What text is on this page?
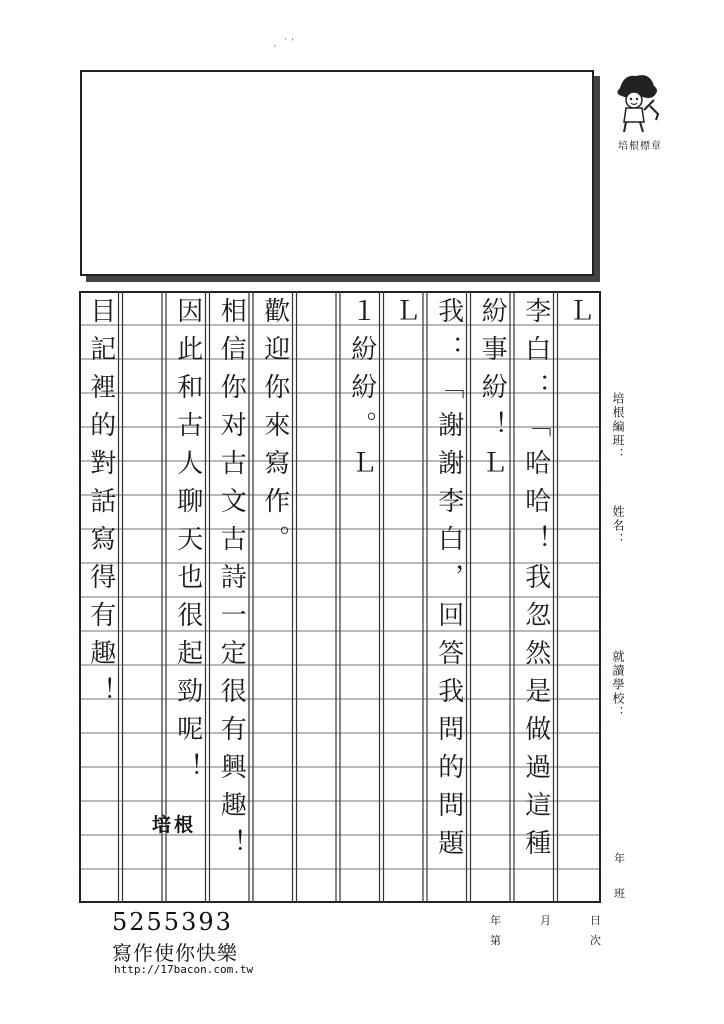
﹐ ˙ ˈ
培根標章
培根編班：
姓名：
就讀學校：
年
班
Ｌ
李白：「哈哈！我忽然是做過這種
紛事紛！Ｌ
我：「謝謝李白，回答我問的問題
Ｌ
１紛紛。Ｌ
歡迎你來寫作。
相信你对古文古詩一定很有興趣！
因此和古人聊天也很起勁呢！
目記裡的對話寫得有趣！
培根
年	月	日
第	次
5255393
寫作使你快樂
http://17bacon.com.tw
